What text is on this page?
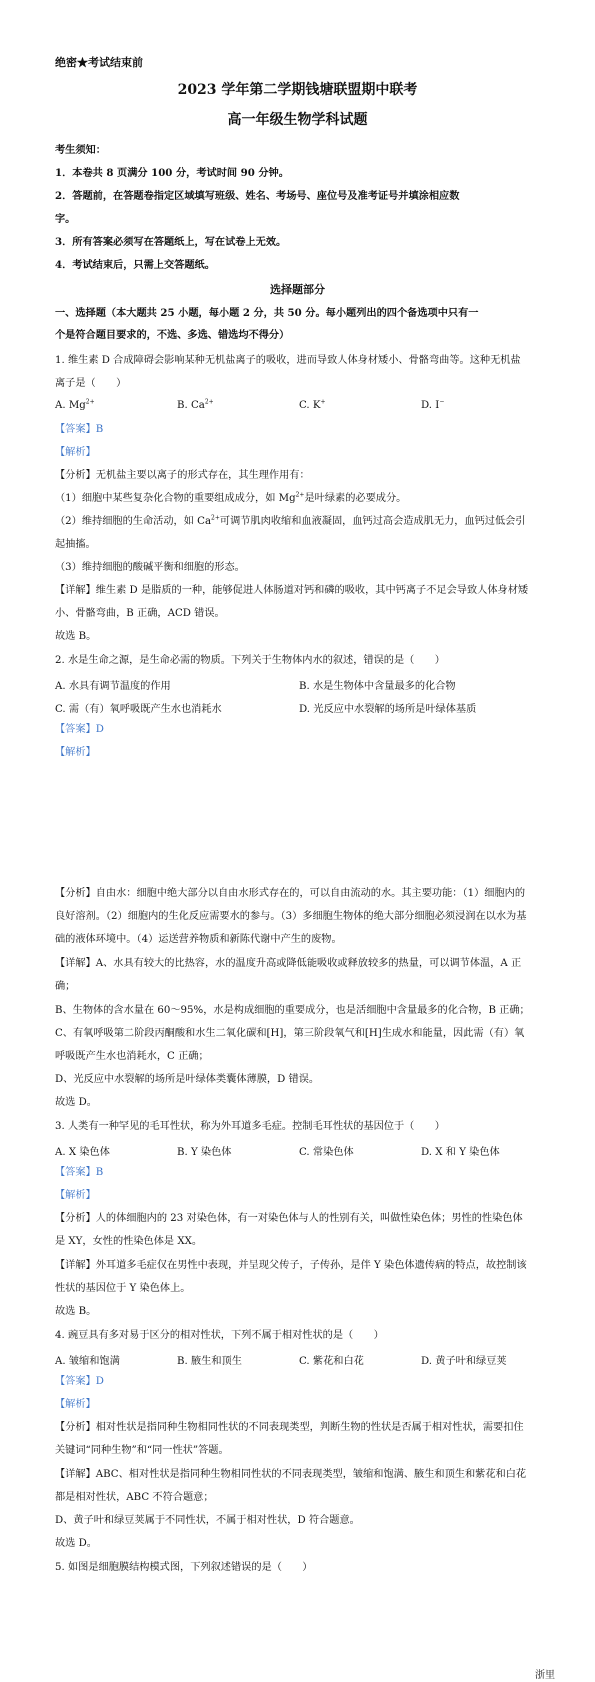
绝密★考试结束前
2023 学年第二学期钱塘联盟期中联考
高一年级生物学科试题
考生须知：
1．本卷共 8 页满分 100 分，考试时间 90 分钟。
2．答题前，在答题卷指定区域填写班级、姓名、考场号、座位号及准考证号并填涂相应数
字。
3．所有答案必须写在答题纸上，写在试卷上无效。
4．考试结束后，只需上交答题纸。
选择题部分
一、选择题（本大题共 25 小题，每小题 2 分，共 50 分。每小题列出的四个备选项中只有一
个是符合题目要求的，不选、多选、错选均不得分）
1. 维生素 D 合成障碍会影响某种无机盐离子的吸收，进而导致人体身材矮小、骨骼弯曲等。这种无机盐
离子是（　　）
A. $Mg^{2+}$	B. $Ca^{2+}$	C. K+	D. I−
【答案】B
【解析】
【分析】无机盐主要以离子的形式存在，其生理作用有：
（1）细胞中某些复杂化合物的重要组成成分，如 $Mg^{2+}$是叶绿素的必要成分。
（2）维持细胞的生命活动，如 $Ca^{2+}$可调节肌肉收缩和血液凝固，血钙过高会造成肌无力，血钙过低会引
起抽搐。
（3）维持细胞的酸碱平衡和细胞的形态。
【详解】维生素 D 是脂质的一种，能够促进人体肠道对钙和磷的吸收，其中钙离子不足会导致人体身材矮
小、骨骼弯曲，B 正确，ACD 错误。
故选 B。
2. 水是生命之源，是生命必需的物质。下列关于生物体内水的叙述，错误的是（　　）
A. 水具有调节温度的作用	B. 水是生物体中含量最多的化合物
C. 需（有）氧呼吸既产生水也消耗水	D. 光反应中水裂解的场所是叶绿体基质
【答案】D
【解析】
【分析】自由水：细胞中绝大部分以自由水形式存在的，可以自由流动的水。其主要功能：（1）细胞内的
良好溶剂。（2）细胞内的生化反应需要水的参与。（3）多细胞生物体的绝大部分细胞必须浸润在以水为基
础的液体环境中。（4）运送营养物质和新陈代谢中产生的废物。
【详解】A、水具有较大的比热容，水的温度升高或降低能吸收或释放较多的热量，可以调节体温，A 正
确；
B、生物体的含水量在 60～95%，水是构成细胞的重要成分，也是活细胞中含量最多的化合物，B 正确；
C、有氧呼吸第二阶段丙酮酸和水生二氧化碳和[H]，第三阶段氧气和[H]生成水和能量，因此需（有）氧
呼吸既产生水也消耗水，C 正确；
D、光反应中水裂解的场所是叶绿体类囊体薄膜，D 错误。
故选 D。
3. 人类有一种罕见的毛耳性状，称为外耳道多毛症。控制毛耳性状的基因位于（　　）
A. X 染色体	B. Y 染色体	C. 常染色体	D. X 和 Y 染色体
【答案】B
【解析】
【分析】人的体细胞内的 23 对染色体，有一对染色体与人的性别有关，叫做性染色体；男性的性染色体
是 XY，女性的性染色体是 XX。
【详解】外耳道多毛症仅在男性中表现，并呈现父传子，子传孙，是伴 Y 染色体遗传病的特点，故控制该
性状的基因位于 Y 染色体上。
故选 B。
4. 豌豆具有多对易于区分的相对性状，下列不属于相对性状的是（　　）
A. 皱缩和饱满	B. 腋生和顶生	C. 紫花和白花	D. 黄子叶和绿豆荚
【答案】D
【解析】
【分析】相对性状是指同种生物相同性状的不同表现类型，判断生物的性状是否属于相对性状，需要扣住
关键词“同种生物”和“同一性状”答题。
【详解】ABC、相对性状是指同种生物相同性状的不同表现类型，皱缩和饱满、腋生和顶生和紫花和白花
都是相对性状，ABC 不符合题意；
D、黄子叶和绿豆荚属于不同性状，不属于相对性状，D 符合题意。
故选 D。
5. 如图是细胞膜结构模式图，下列叙述错误的是（　　）
浙里
